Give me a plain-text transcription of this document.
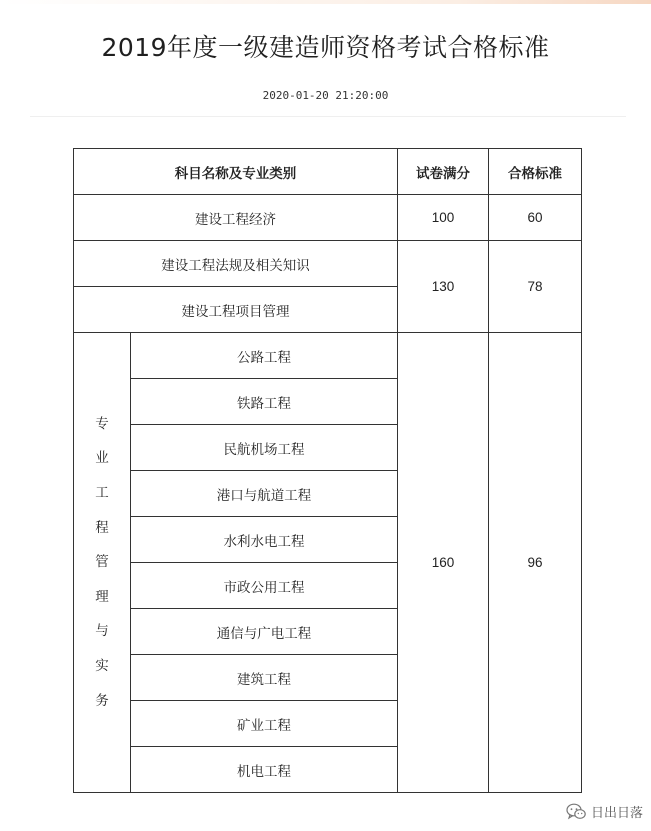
2019年度一级建造师资格考试合格标准
2020-01-20 21:20:00
科目名称及专业类别		试卷满分	合格标准
建设工程经济		100	60
建设工程法规及相关知识		130	78
建设工程项目管理			
专业工程管理与实务	公路工程	160	96
	铁路工程		
	民航机场工程		
	港口与航道工程		
	水利水电工程		
	市政公用工程		
	通信与广电工程		
	建筑工程		
	矿业工程		
	机电工程		
日出日落
